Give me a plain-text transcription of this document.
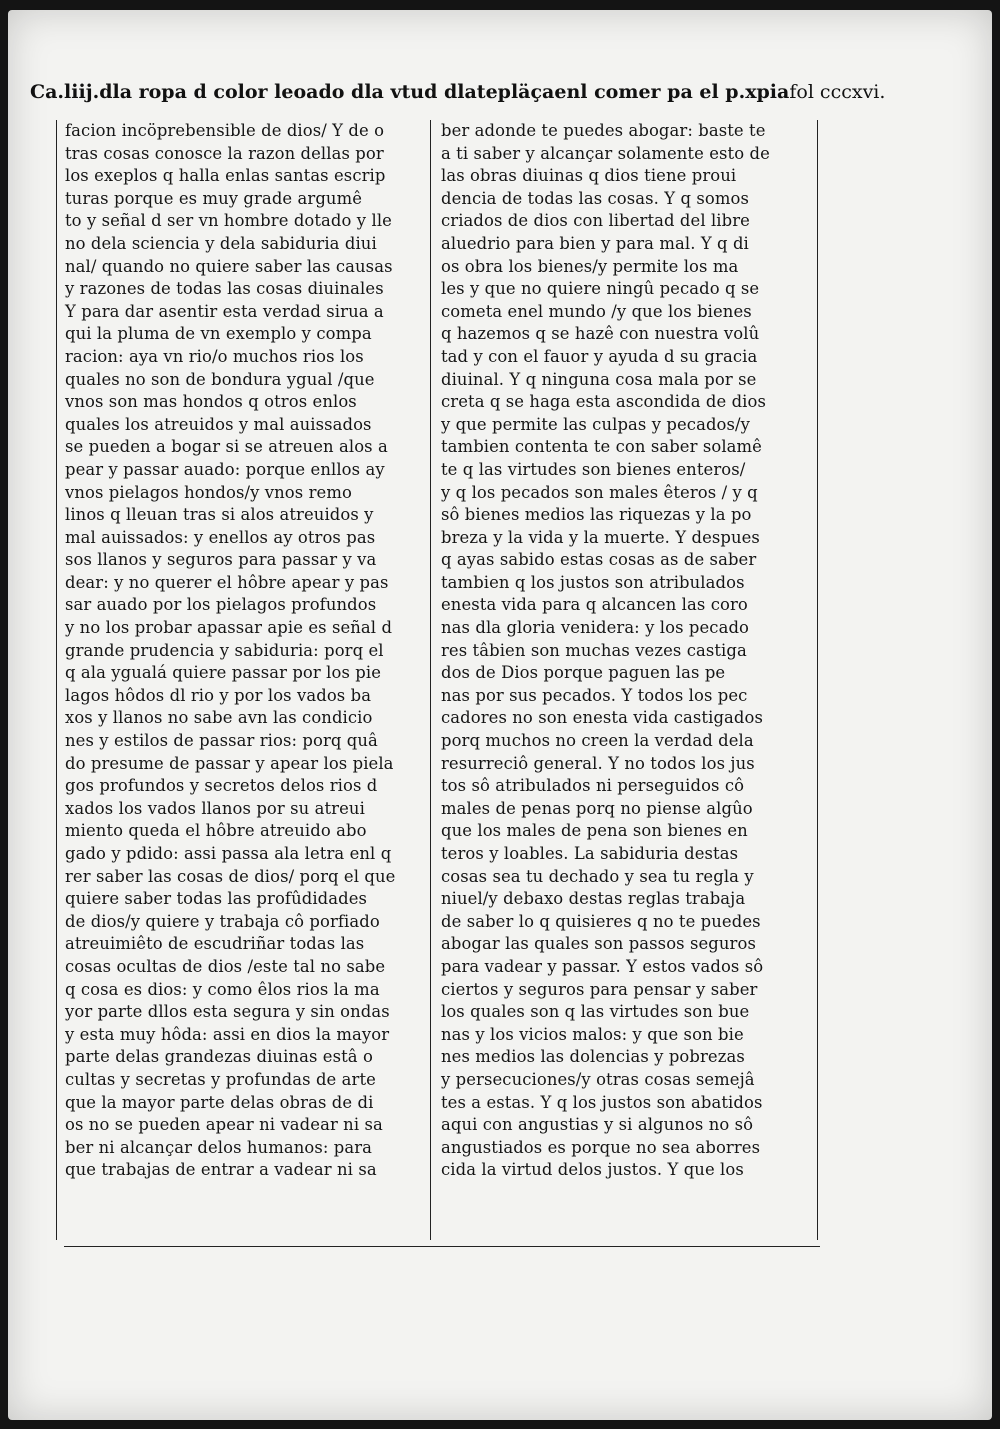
Ca.liij.dla ropa d color leoado dla vtud dlatepläçaenl comer pa el p.xpia fol cccxvi.
facion incöprebensible de dios/ Y de o
tras cosas conosce la razon dellas por
los exeplos q halla enlas santas escrip
turas porque es muy grade argumê
to y señal d ser vn hombre dotado y lle
no dela sciencia y dela sabiduria diui
nal/ quando no quiere saber las causas
y razones de todas las cosas diuinales
Y para dar asentir esta verdad sirua a
qui la pluma de vn exemplo y compa
racion: aya vn rio/o muchos rios los
quales no son de bondura ygual /que
vnos son mas hondos q otros enlos
quales los atreuidos y mal auissados
se pueden a bogar si se atreuen alos a
pear y passar auado: porque enllos ay
vnos pielagos hondos/y vnos remo
linos q lleuan tras si alos atreuidos y
mal auissados: y enellos ay otros pas
sos llanos y seguros para passar y va
dear: y no querer el hôbre apear y pas
sar auado por los pielagos profundos
y no los probar apassar apie es señal d
grande prudencia y sabiduria: porq el
q ala ygualá quiere passar por los pie
lagos hôdos dl rio y por los vados ba
xos y llanos no sabe avn las condicio
nes y estilos de passar rios: porq quâ
do presume de passar y apear los piela
gos profundos y secretos delos rios d
xados los vados llanos por su atreui
miento queda el hôbre atreuido abo
gado y pdido: assi passa ala letra enl q
rer saber las cosas de dios/ porq el que
quiere saber todas las profûdidades
de dios/y quiere y trabaja cô porfiado
atreuimiêto de escudriñar todas las
cosas ocultas de dios /este tal no sabe
q cosa es dios: y como êlos rios la ma
yor parte dllos esta segura y sin ondas
y esta muy hôda: assi en dios la mayor
parte delas grandezas diuinas estâ o
cultas y secretas y profundas de arte
que la mayor parte delas obras de di
os no se pueden apear ni vadear ni sa
ber ni alcançar delos humanos: para
que trabajas de entrar a vadear ni sa
ber adonde te puedes abogar: baste te
a ti saber y alcançar solamente esto de
las obras diuinas q dios tiene proui
dencia de todas las cosas. Y q somos
criados de dios con libertad del libre
aluedrio para bien y para mal. Y q di
os obra los bienes/y permite los ma
les y que no quiere ningû pecado q se
cometa enel mundo /y que los bienes
q hazemos q se hazê con nuestra volû
tad y con el fauor y ayuda d su gracia
diuinal. Y q ninguna cosa mala por se
creta q se haga esta ascondida de dios
y que permite las culpas y pecados/y
tambien contenta te con saber solamê
te q las virtudes son bienes enteros/
y q los pecados son males êteros / y q
sô bienes medios las riquezas y la po
breza y la vida y la muerte. Y despues
q ayas sabido estas cosas as de saber
tambien q los justos son atribulados
enesta vida para q alcancen las coro
nas dla gloria venidera: y los pecado
res tâbien son muchas vezes castiga
dos de Dios porque paguen las pe
nas por sus pecados. Y todos los pec
cadores no son enesta vida castigados
porq muchos no creen la verdad dela
resurreciô general. Y no todos los jus
tos sô atribulados ni perseguidos cô
males de penas porq no piense algûo
que los males de pena son bienes en
teros y loables. La sabiduria destas
cosas sea tu dechado y sea tu regla y
niuel/y debaxo destas reglas trabaja
de saber lo q quisieres q no te puedes
abogar las quales son passos seguros
para vadear y passar. Y estos vados sô
ciertos y seguros para pensar y saber
los quales son q las virtudes son bue
nas y los vicios malos: y que son bie
nes medios las dolencias y pobrezas
y persecuciones/y otras cosas semejâ
tes a estas. Y q los justos son abatidos
aqui con angustias y si algunos no sô
angustiados es porque no sea aborres
cida la virtud delos justos. Y que los
